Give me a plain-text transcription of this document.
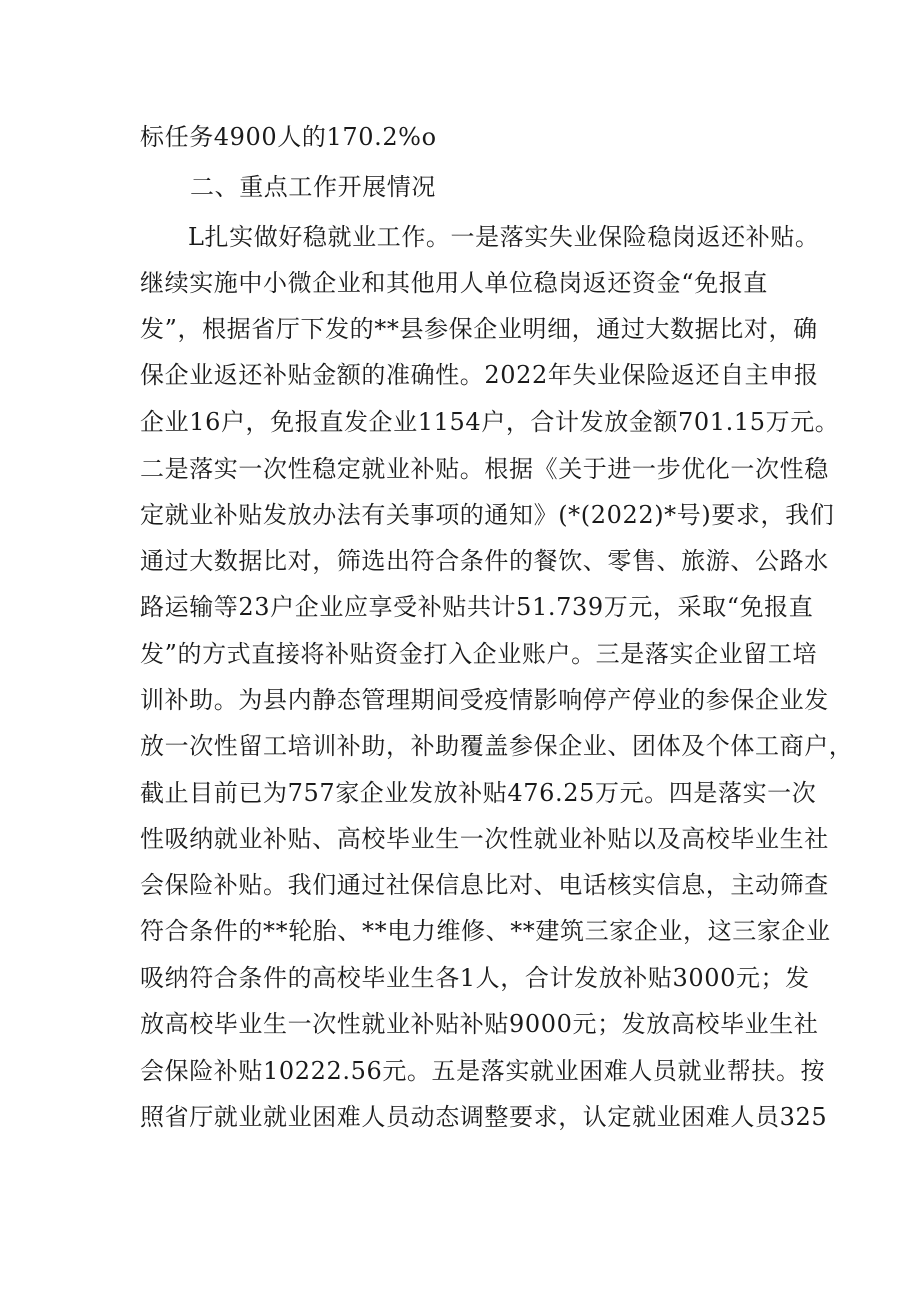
标任务4900人的170.2%o
二、重点工作开展情况
L扎实做好稳就业工作。一是落实失业保险稳岗返还补贴。
继续实施中小微企业和其他用人单位稳岗返还资金“免报直
发”，根据省厅下发的**县参保企业明细，通过大数据比对，确
保企业返还补贴金额的准确性。2022年失业保险返还自主申报
企业16户，免报直发企业1154户，合计发放金额701.15万元。
二是落实一次性稳定就业补贴。根据《关于进一步优化一次性稳
定就业补贴发放办法有关事项的通知》(*(2022)*号)要求，我们
通过大数据比对，筛选出符合条件的餐饮、零售、旅游、公路水
路运输等23户企业应享受补贴共计51.739万元，采取“免报直
发”的方式直接将补贴资金打入企业账户。三是落实企业留工培
训补助。为县内静态管理期间受疫情影响停产停业的参保企业发
放一次性留工培训补助，补助覆盖参保企业、团体及个体工商户，
截止目前已为757家企业发放补贴476.25万元。四是落实一次
性吸纳就业补贴、高校毕业生一次性就业补贴以及高校毕业生社
会保险补贴。我们通过社保信息比对、电话核实信息，主动筛查
符合条件的**轮胎、**电力维修、**建筑三家企业，这三家企业
吸纳符合条件的高校毕业生各1人，合计发放补贴3000元；发
放高校毕业生一次性就业补贴补贴9000元；发放高校毕业生社
会保险补贴10222.56元。五是落实就业困难人员就业帮扶。按
照省厅就业就业困难人员动态调整要求，认定就业困难人员325
